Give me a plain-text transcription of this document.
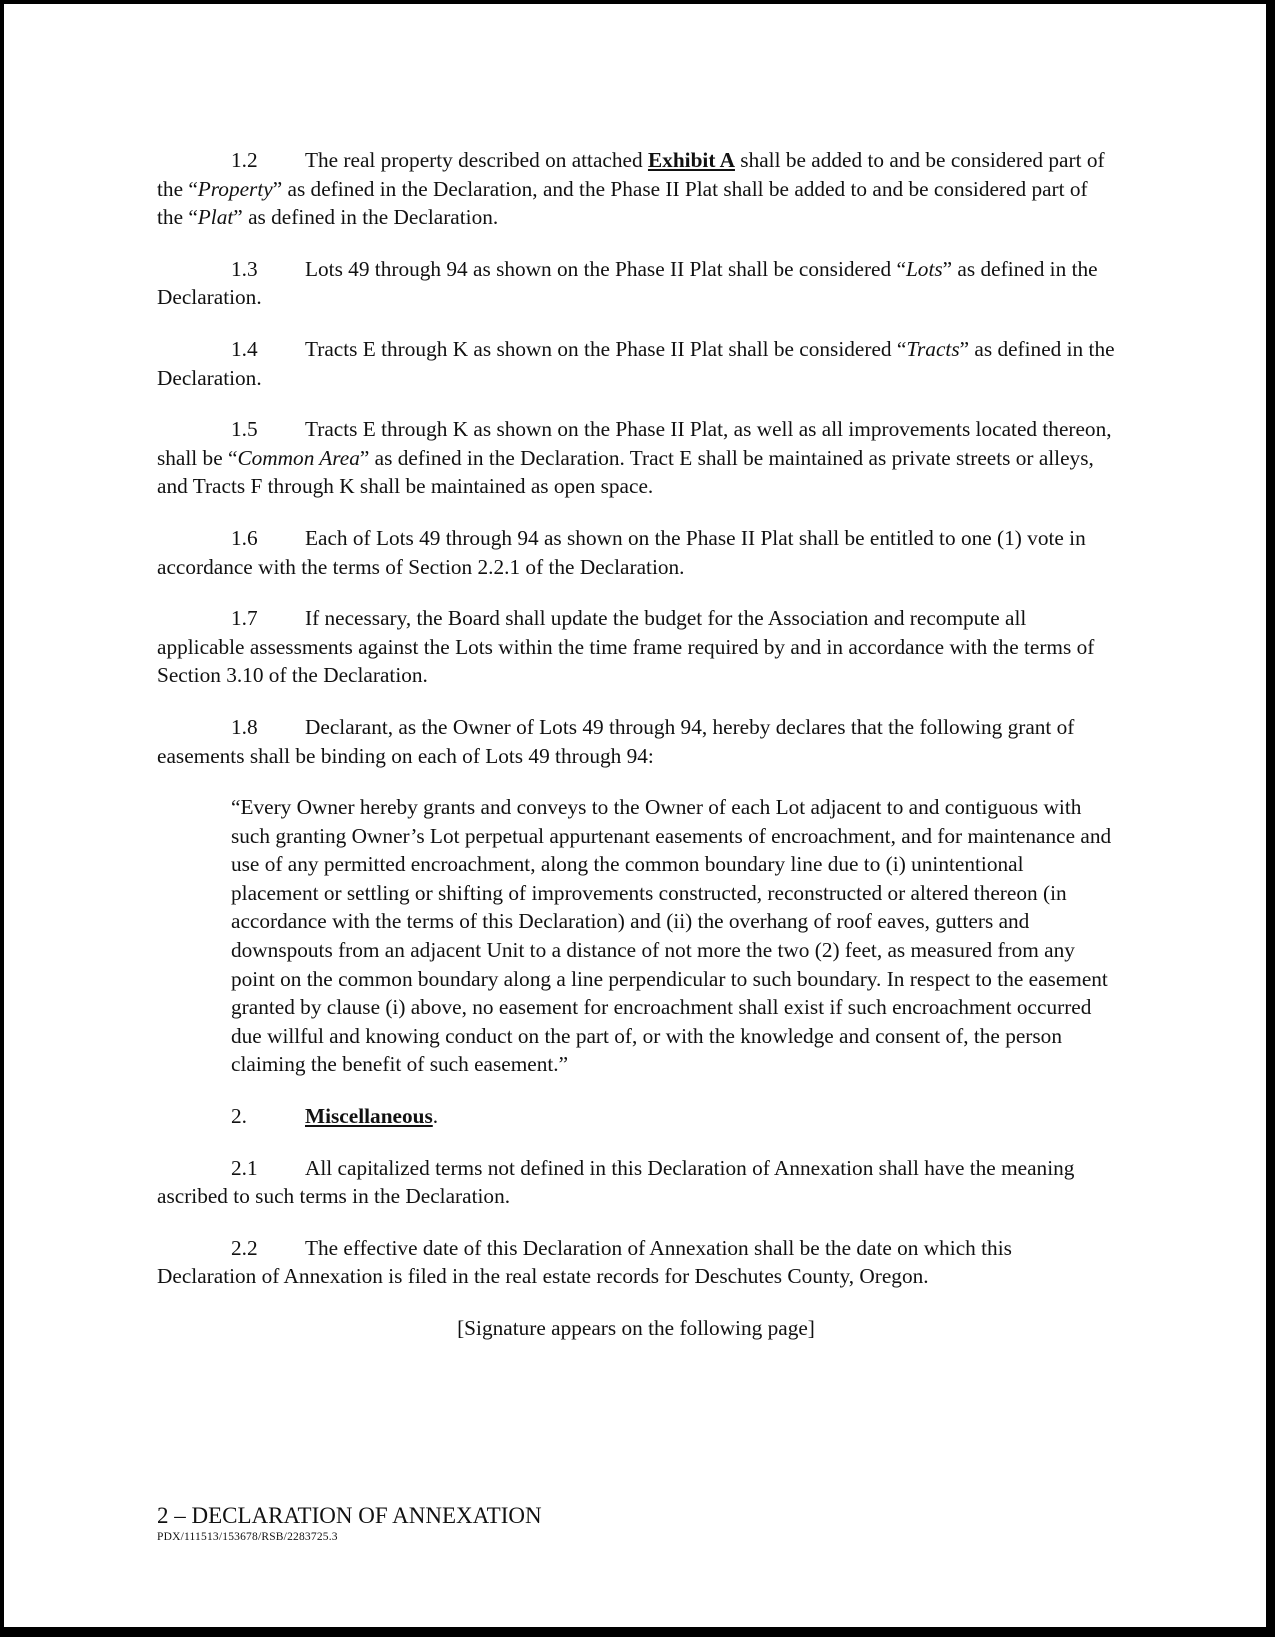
1.2 The real property described on attached Exhibit A shall be added to and be considered part of the “Property” as defined in the Declaration, and the Phase II Plat shall be added to and be considered part of the “Plat” as defined in the Declaration.

1.3 Lots 49 through 94 as shown on the Phase II Plat shall be considered “Lots” as defined in the Declaration.

1.4 Tracts E through K as shown on the Phase II Plat shall be considered “Tracts” as defined in the Declaration.

1.5 Tracts E through K as shown on the Phase II Plat, as well as all improvements located thereon, shall be “Common Area” as defined in the Declaration. Tract E shall be maintained as private streets or alleys, and Tracts F through K shall be maintained as open space.

1.6 Each of Lots 49 through 94 as shown on the Phase II Plat shall be entitled to one (1) vote in accordance with the terms of Section 2.2.1 of the Declaration.

1.7 If necessary, the Board shall update the budget for the Association and recompute all applicable assessments against the Lots within the time frame required by and in accordance with the terms of Section 3.10 of the Declaration.

1.8 Declarant, as the Owner of Lots 49 through 94, hereby declares that the following grant of easements shall be binding on each of Lots 49 through 94:

“Every Owner hereby grants and conveys to the Owner of each Lot adjacent to and contiguous with such granting Owner’s Lot perpetual appurtenant easements of encroachment, and for maintenance and use of any permitted encroachment, along the common boundary line due to (i) unintentional placement or settling or shifting of improvements constructed, reconstructed or altered thereon (in accordance with the terms of this Declaration) and (ii) the overhang of roof eaves, gutters and downspouts from an adjacent Unit to a distance of not more the two (2) feet, as measured from any point on the common boundary along a line perpendicular to such boundary. In respect to the easement granted by clause (i) above, no easement for encroachment shall exist if such encroachment occurred due willful and knowing conduct on the part of, or with the knowledge and consent of, the person claiming the benefit of such easement.”

2.	Miscellaneous.

2.1 All capitalized terms not defined in this Declaration of Annexation shall have the meaning ascribed to such terms in the Declaration.

2.2 The effective date of this Declaration of Annexation shall be the date on which this Declaration of Annexation is filed in the real estate records for Deschutes County, Oregon.

[Signature appears on the following page]

2 – DECLARATION OF ANNEXATION
PDX/111513/153678/RSB/2283725.3
